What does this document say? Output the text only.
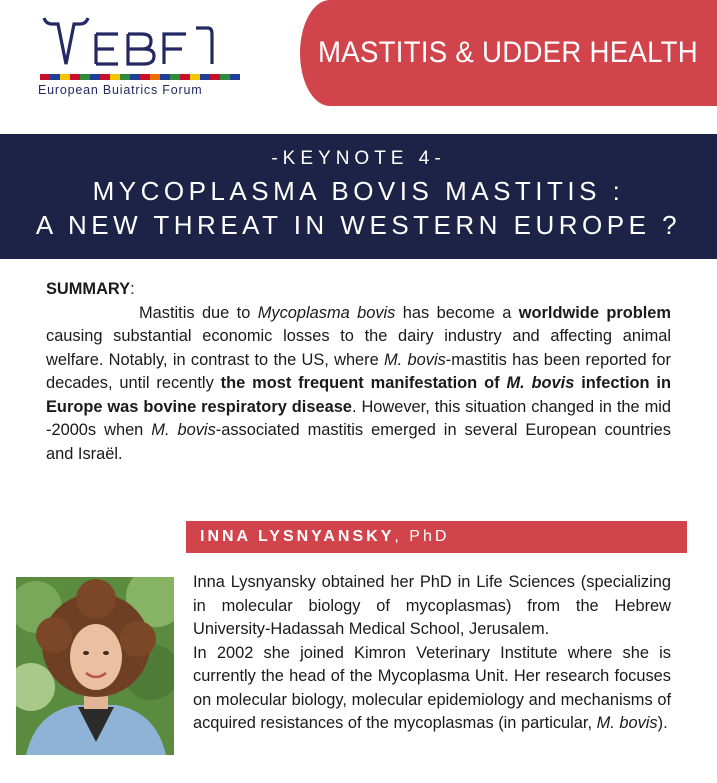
European Buiatrics Forum
MASTITIS & UDDER HEALTH
-KEYNOTE 4-
MYCOPLASMA BOVIS MASTITIS :
A NEW THREAT IN WESTERN EUROPE ?
SUMMARY:
Mastitis due to Mycoplasma bovis has become a worldwide problem causing substantial economic losses to the dairy industry and affecting animal welfare. Notably, in contrast to the US, where M. bovis-mastitis has been reported for decades, until recently the most frequent manifestation of M. bovis infection in Europe was bovine respiratory disease. However, this situation changed in the mid -2000s when M. bovis-associated mastitis emerged in several European countries and Israël.
INNA LYSNYANSKY, PhD

Inna Lysnyansky obtained her PhD in Life Sciences (specializing in molecular biology of mycoplasmas) from the Hebrew University-Hadassah Medical School, Jerusalem.

In 2002 she joined Kimron Veterinary Institute where she is currently the head of the Mycoplasma Unit. Her research focuses on molecular biology, molecular epidemiology and mechanisms of acquired resistances of the mycoplasmas (in particular, M. bovis).
